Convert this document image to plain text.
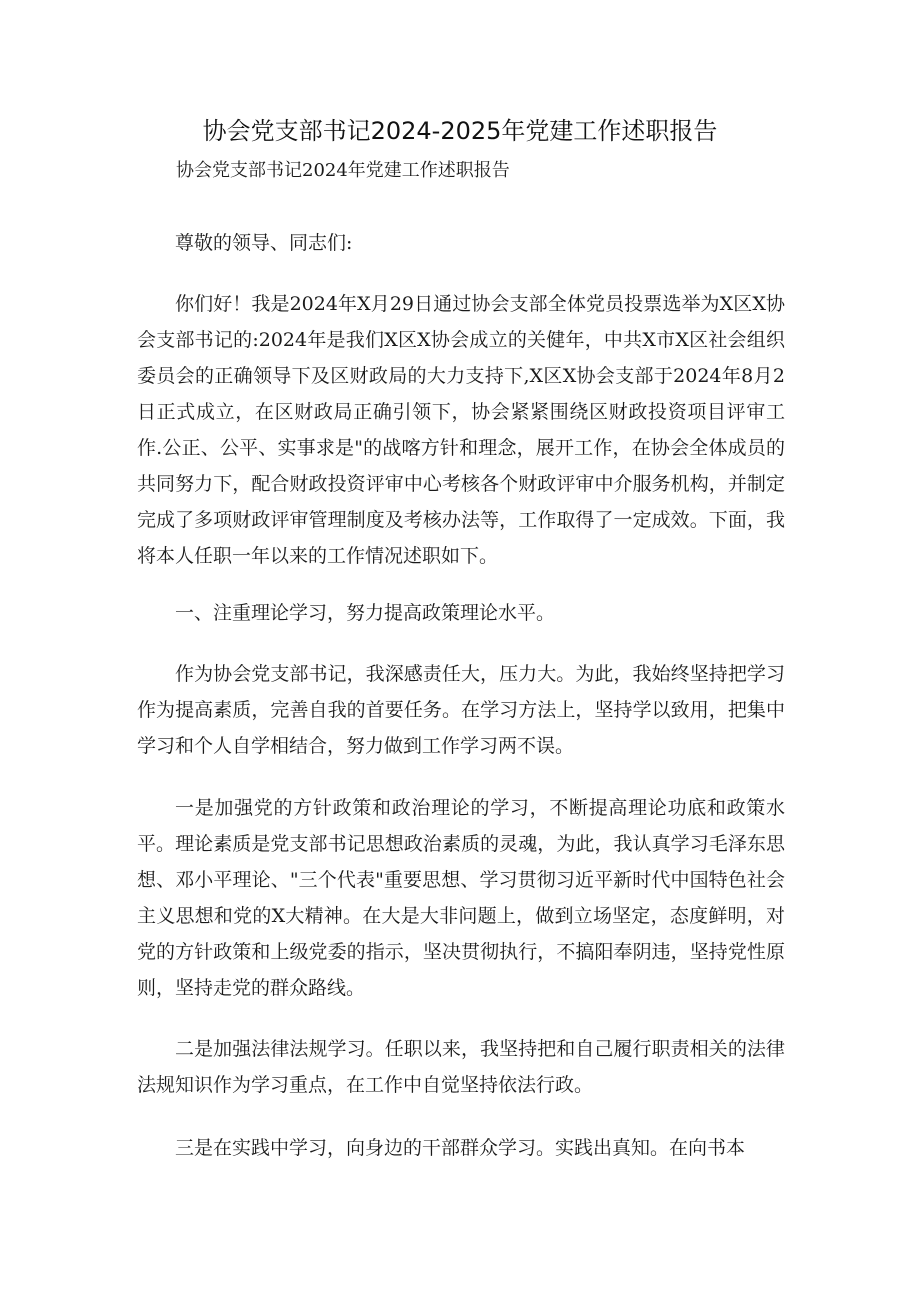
协会党支部书记2024-2025年党建工作述职报告
协会党支部书记2024年党建工作述职报告
尊敬的领导、同志们:
你们好！我是2024年X月29日通过协会支部全体党员投票选举为X区X协会支部书记的:2024年是我们X区X协会成立的关健年，中共X市X区社会组织委员会的正确领导下及区财政局的大力支持下,X区X协会支部于2024年8月2日正式成立，在区财政局正确引领下，协会紧紧围绕区财政投资项目评审工作.公正、公平、实事求是"的战喀方针和理念，展开工作，在协会全体成员的共同努力下，配合财政投资评审中心考核各个财政评审中介服务机构，并制定完成了多项财政评审管理制度及考核办法等，工作取得了一定成效。下面，我将本人任职一年以来的工作情况述职如下。
一、注重理论学习，努力提高政策理论水平。
作为协会党支部书记，我深感责任大，压力大。为此，我始终坚持把学习作为提高素质，完善自我的首要任务。在学习方法上，坚持学以致用，把集中学习和个人自学相结合，努力做到工作学习两不误。
一是加强党的方针政策和政治理论的学习，不断提高理论功底和政策水平。理论素质是党支部书记思想政治素质的灵魂，为此，我认真学习毛泽东思想、邓小平理论、"三个代表"重要思想、学习贯彻习近平新时代中国特色社会主义思想和党的X大精神。在大是大非问题上，做到立场坚定，态度鲜明，对党的方针政策和上级党委的指示，坚决贯彻执行，不搞阳奉阴违，坚持党性原则，坚持走党的群众路线。
二是加强法律法规学习。任职以来，我坚持把和自己履行职责相关的法律法规知识作为学习重点，在工作中自觉坚持依法行政。
三是在实践中学习，向身边的干部群众学习。实践出真知。在向书本
